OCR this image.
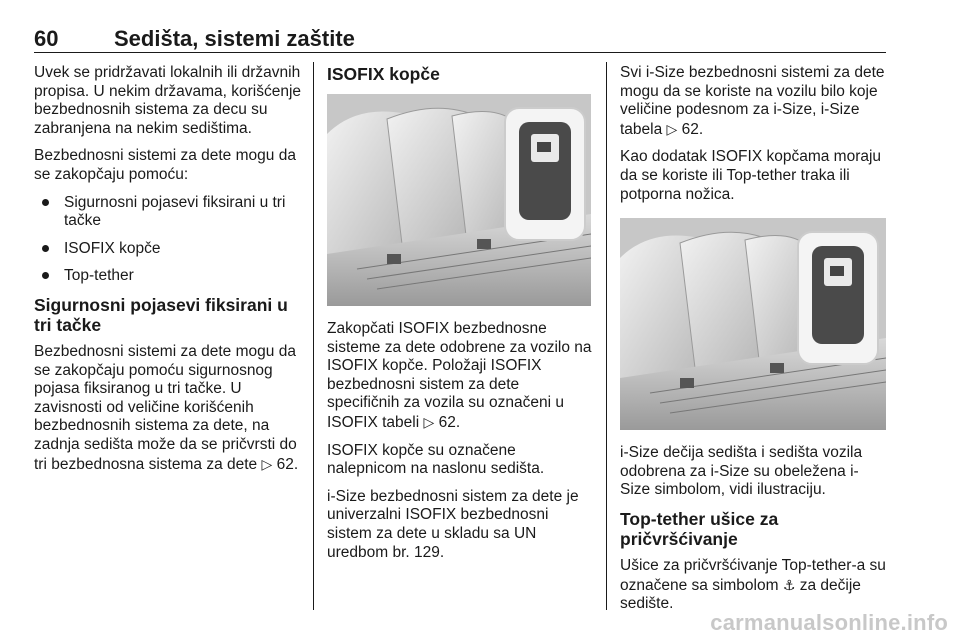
60	Sedišta, sistemi zaštite

Uvek se pridržavati lokalnih ili državnih propisa. U nekim državama, korišćenje bezbednosnih sistema za decu su zabranjena na nekim sedištima.

Bezbednosni sistemi za dete mogu da se zakopčaju pomoću:

Sigurnosni pojasevi fiksirani u tri tačke
ISOFIX kopče
Top-tether
Sigurnosni pojasevi fiksirani u tri tačke

Bezbednosni sistemi za dete mogu da se zakopčaju pomoću sigurnosnog pojasa fiksiranog u tri tačke. U zavisnosti od veličine korišćenih bezbednosnih sistema za dete, na zadnja sedišta može da se pričvrsti do tri bezbednosna sistema za dete ▷ 62.

ISOFIX kopče

Zakopčati ISOFIX bezbednosne sisteme za dete odobrene za vozilo na ISOFIX kopče. Položaji ISOFIX bezbednosni sistem za dete specifičnih za vozila su označeni u ISOFIX tabeli ▷ 62.

ISOFIX kopče su označene nalepnicom na naslonu sedišta.

i-Size bezbednosni sistem za dete je univerzalni ISOFIX bezbednosni sistem za dete u skladu sa UN uredbom br. 129.

Svi i-Size bezbednosni sistemi za dete mogu da se koriste na vozilu bilo koje veličine podesnom za i-Size, i-Size tabela ▷ 62.

Kao dodatak ISOFIX kopčama moraju da se koriste ili Top-tether traka ili potporna nožica.

i-Size dečija sedišta i sedišta vozila odobrena za i-Size su obeležena i-Size simbolom, vidi ilustraciju.

Top-tether ušice za pričvršćivanje

Ušice za pričvršćivanje Top-tether-a su označene sa simbolom ⚓ za dečije sedište.

carmanualsonline.info
